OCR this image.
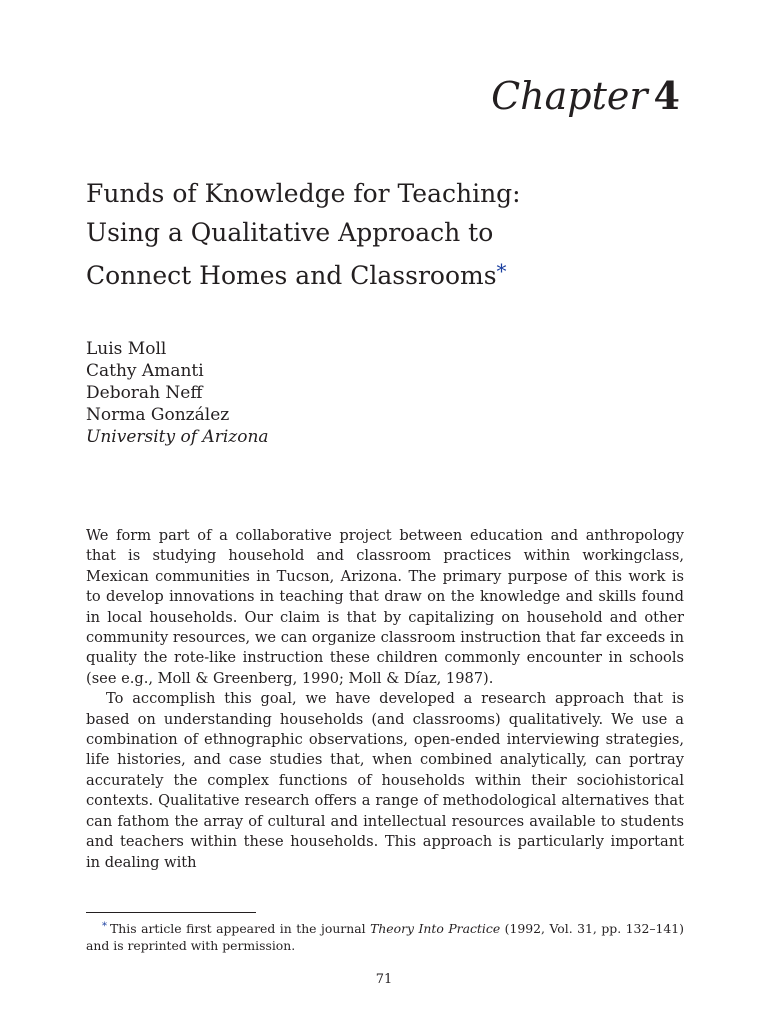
Chapter 4
Funds of Knowledge for Teaching:
Using a Qualitative Approach to
Connect Homes and Classrooms*
Luis Moll
Cathy Amanti
Deborah Neff
Norma González
University of Arizona

We form part of a collaborative project between education and anthropology that is studying household and classroom practices within workingclass, Mexican communities in Tucson, Arizona. The primary purpose of this work is to develop innovations in teaching that draw on the knowledge and skills found in local households. Our claim is that by capitalizing on household and other community resources, we can organize classroom instruction that far exceeds in quality the rote-like instruction these children commonly encounter in schools (see e.g., Moll & Greenberg, 1990; Moll & Díaz, 1987).

To accomplish this goal, we have developed a research approach that is based on understanding households (and classrooms) qualitatively. We use a combination of ethnographic observations, open-ended interviewing strategies, life histories, and case studies that, when combined analytically, can portray accurately the complex functions of households within their sociohistorical contexts. Qualitative research offers a range of methodological alternatives that can fathom the array of cultural and intellectual resources available to students and teachers within these households. This approach is particularly important in dealing with

* This article first appeared in the journal Theory Into Practice (1992, Vol. 31, pp. 132–141) and is reprinted with permission.
71
